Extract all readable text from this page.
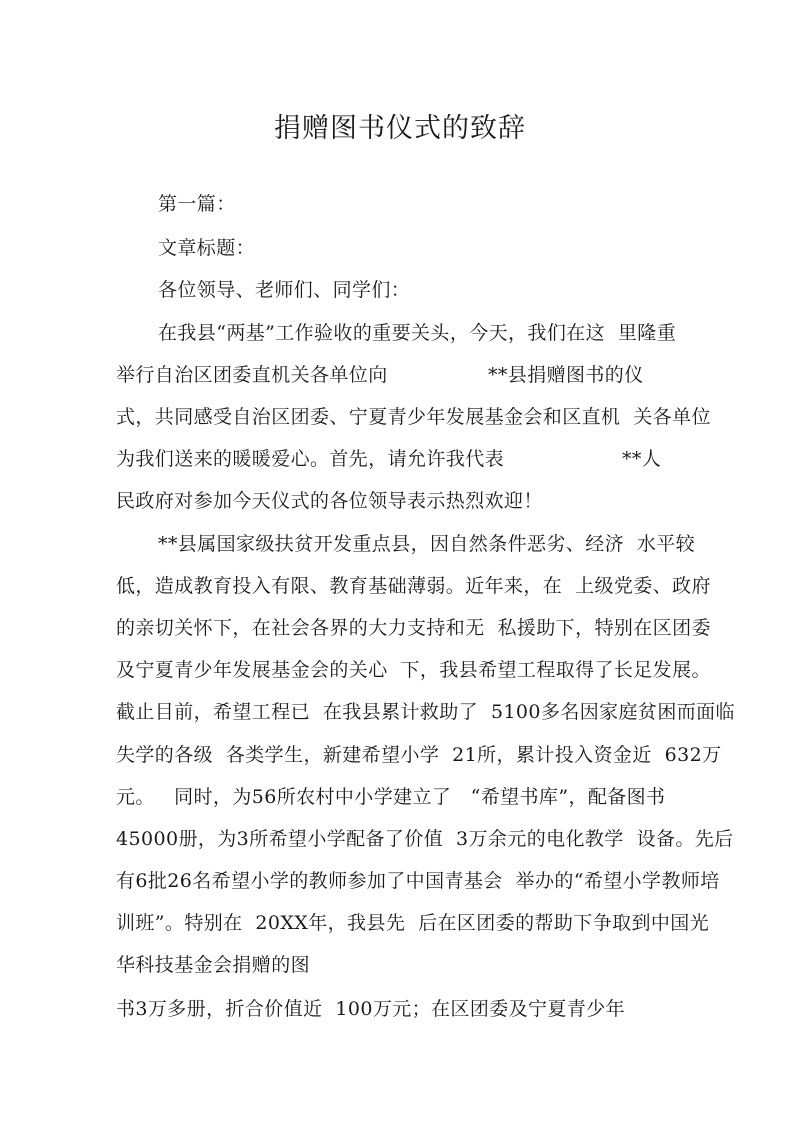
捐赠图书仪式的致辞
第一篇：
文章标题：
各位领导、老师们、同学们：
在我县“两基”工作验收的重要关头，今天，我们在这  里隆重
举行自治区团委直机关各单位向	**县捐赠图书的仪
式，共同感受自治区团委、宁夏青少年发展基金会和区直机  关各单位
为我们送来的暖暖爱心。首先，请允许我代表	**人
民政府对参加今天仪式的各位领导表示热烈欢迎！
**县属国家级扶贫开发重点县，因自然条件恶劣、经济  水平较
低，造成教育投入有限、教育基础薄弱。近年来，在  上级党委、政府
的亲切关怀下，在社会各界的大力支持和无  私援助下，特别在区团委
及宁夏青少年发展基金会的关心  下，我县希望工程取得了长足发展。
截止目前，希望工程已  在我县累计救助了  5100多名因家庭贫困而面临
失学的各级  各类学生，新建希望小学  21所，累计投入资金近  632万
元。   同时，为56所农村中小学建立了   “希望书库”，配备图书
45000册，为3所希望小学配备了价值  3万余元的电化教学  设备。先后
有6批26名希望小学的教师参加了中国青基会  举办的“希望小学教师培
训班”。特别在  20XX年，我县先  后在区团委的帮助下争取到中国光
华科技基金会捐赠的图
书3万多册，折合价值近  100万元；在区团委及宁夏青少年
